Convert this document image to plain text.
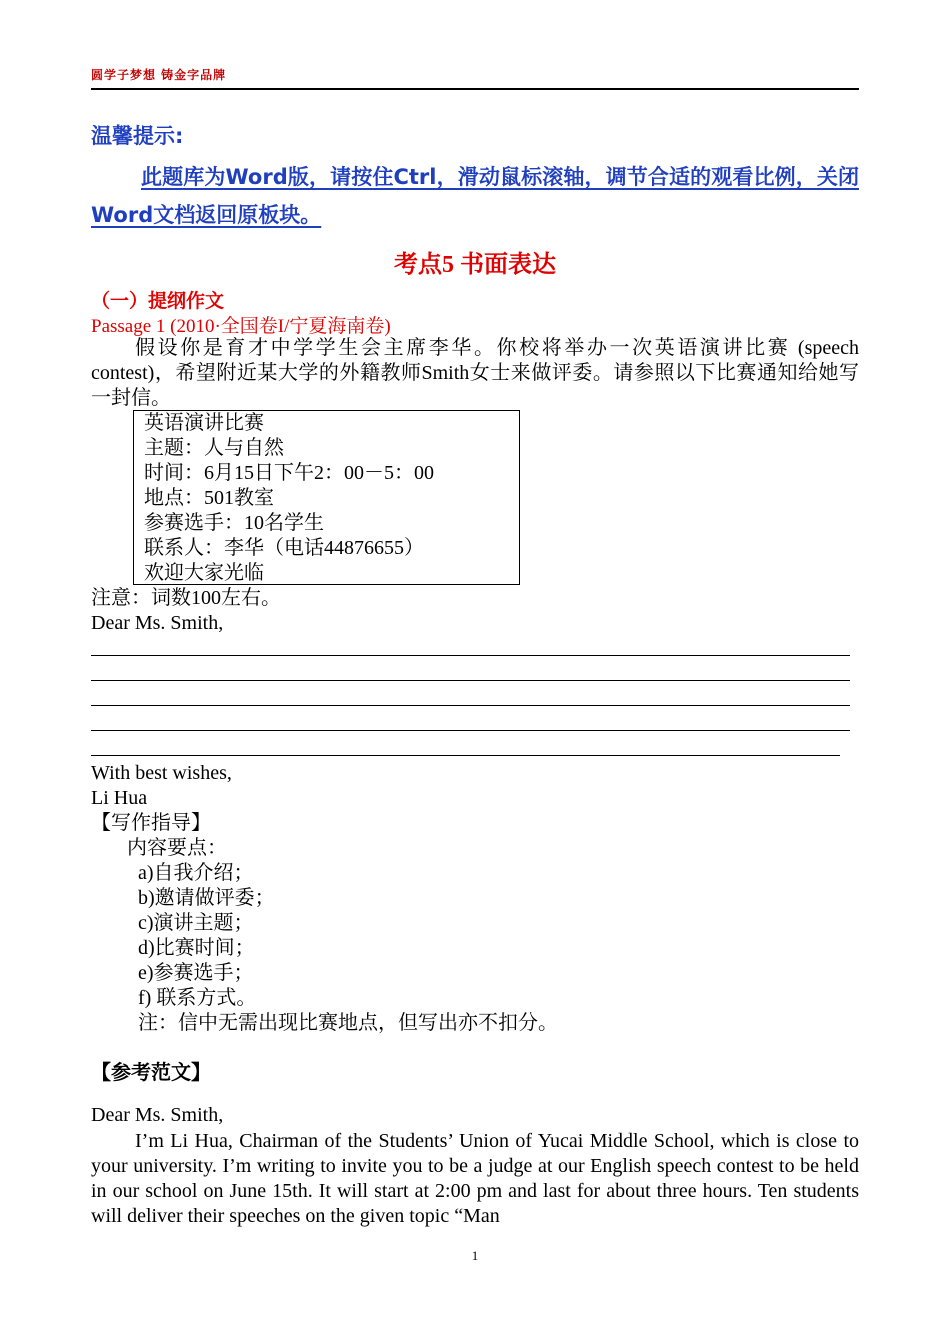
圆学子梦想 铸金字品牌
温馨提示:
此题库为Word版，请按住Ctrl，滑动鼠标滚轴，调节合适的观看比例，关闭Word文档返回原板块。
考点5 书面表达
（一）提纲作文
Passage 1 (2010·全国卷I/宁夏海南卷)
假设你是育才中学学生会主席李华。你校将举办一次英语演讲比赛 (speech contest)，希望附近某大学的外籍教师Smith女士来做评委。请参照以下比赛通知给她写一封信。
英语演讲比赛
主题：人与自然
时间：6月15日下午2：00－5：00
地点：501教室
参赛选手：10名学生
联系人：李华（电话44876655）
欢迎大家光临
注意：词数100左右。
Dear Ms. Smith,
With best wishes,
Li Hua
【写作指导】
内容要点：
a)自我介绍；
b)邀请做评委；
c)演讲主题；
d)比赛时间；
e)参赛选手；
f) 联系方式。
注：信中无需出现比赛地点，但写出亦不扣分。
【参考范文】
Dear Ms. Smith,
I’m Li Hua, Chairman of the Students’ Union of Yucai Middle School, which is close to your university. I’m writing to invite you to be a judge at our English speech contest to be held in our school on June 15th. It will start at 2:00 pm and last for about three hours. Ten students will deliver their speeches on the given topic “Man
1
